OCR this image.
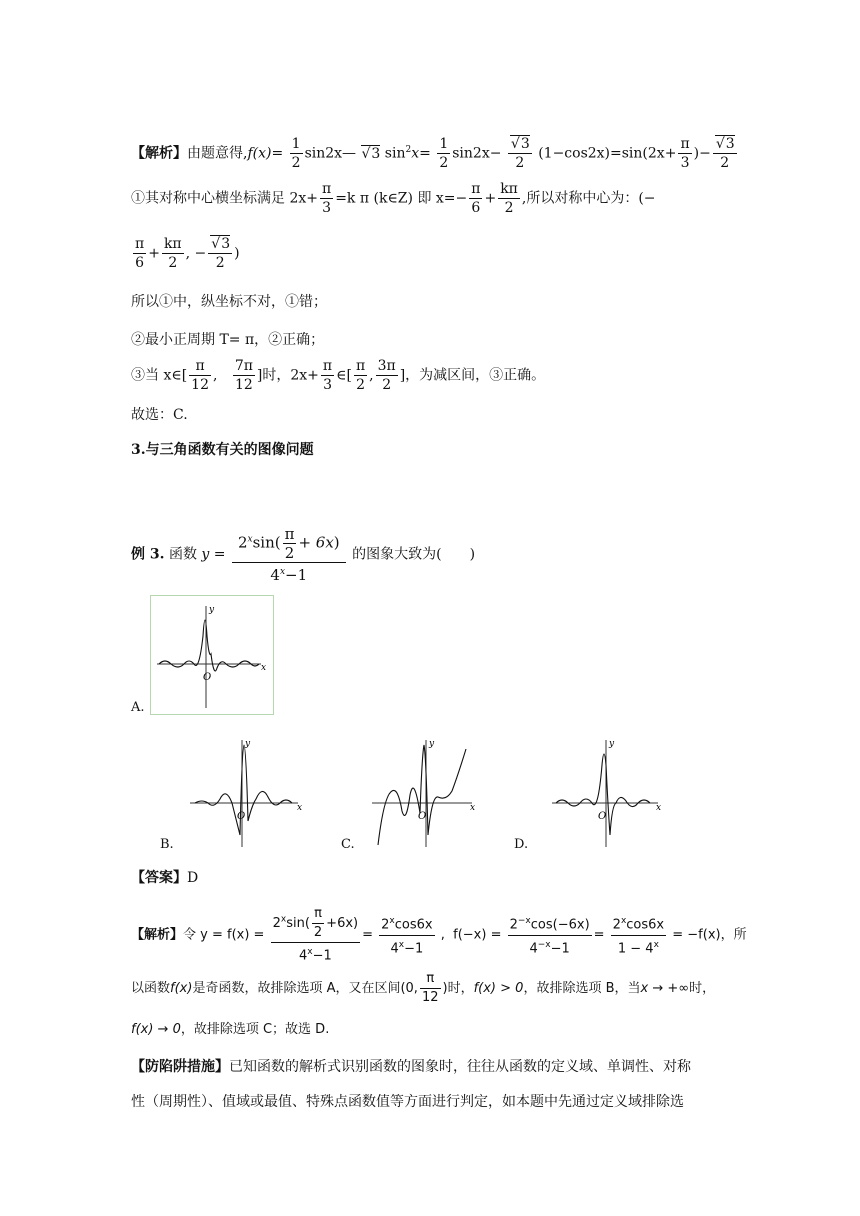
【解析】由题意得$,f(x)= \frac{1}{2}$ sin2x— √ 3 $\sin^2x= \frac{1}{2} \sin 2x-$ √ $\frac{3}{2} (1-\cos 2x)=\sin(2x+ \frac{\pi}{3}$ )− √ $\frac{3}{2}$
①其对称中心横坐标满足 $2x+ \frac{\pi}{3} =k$ π (k∈Z) 即 $x=- \frac{\pi}{6} + \frac{k\pi}{2}$ ,所以对称中心为：(−
$\frac{\pi}{6} + \frac{k\pi}{2}$ , − √ $\frac{3}{2}$ )
所以①中，纵坐标不对，①错；
②最小正周期 T= π，②正确；
③当 x∈[ $\frac{\pi}{12}$ , $\frac{7\pi}{12}$ ]时，$2x+ \frac{\pi}{3}$ ∈[ $\frac{\pi}{2}$ , $\frac{3\pi}{2}$ ]，为减区间，③正确。
故选：C.
3.与三角函数有关的图像问题
例 3. 函数 $y = \frac{2^x\sin( \frac{\pi}{2} + 6x)}{4^x-1}$ 的图象大致为(　　)
y
x
O
A.
y
x
O
B.
y
x
O
C.
y
x
O
D.
【答案】D
【解析】令 $y = f(x) = \frac{2^x\sin( \frac{\pi}{2} +6x)}{4^x-1} = \frac{2^x\cos 6x}{4^x-1}$ ,  $f(-x) = \frac{2^{-x}\cos(-6x)}{4^{-x}-1} = \frac{2^x\cos 6x}{1 - 4^x} = -f(x)$，所
以函数f(x)是奇函数，故排除选项 A，又在区间(0, $\frac{\pi}{12}$ )时，f(x) > 0，故排除选项 B，当x → +∞时，
f(x) → 0，故排除选项 C；故选 D.
【防陷阱措施】已知函数的解析式识别函数的图象时，往往从函数的定义域、单调性、对称
性（周期性）、值域或最值、特殊点函数值等方面进行判定，如本题中先通过定义域排除选
